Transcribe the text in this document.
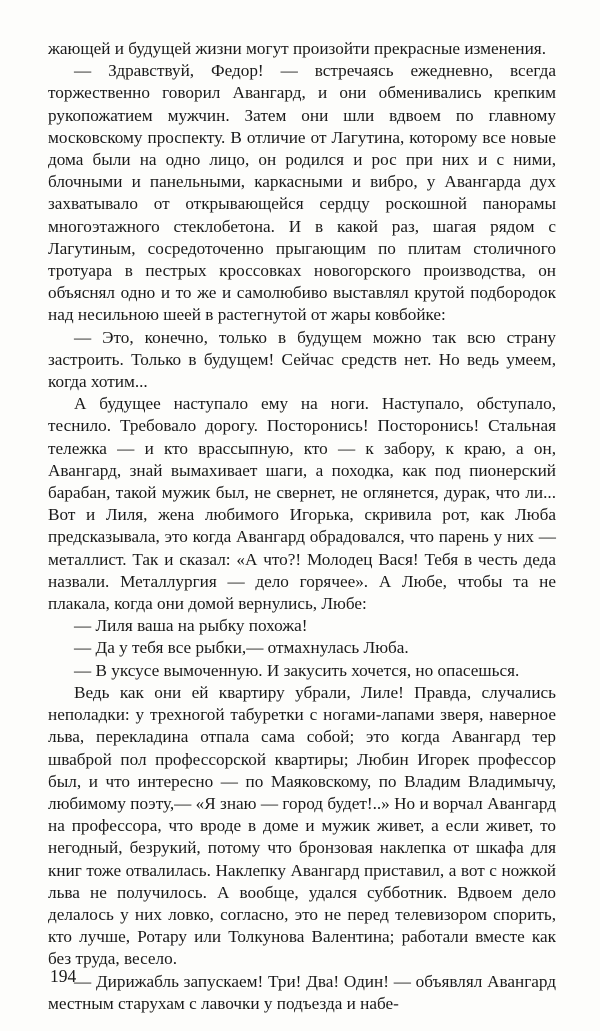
жающей и будущей жизни могут произойти прекрасные изменения.

— Здравствуй, Федор! — встречаясь ежедневно, всегда торжественно говорил Авангард, и они обменивались крепким рукопожатием мужчин. Затем они шли вдвоем по главному московскому проспекту. В отличие от Лагутина, которому все новые дома были на одно лицо, он родился и рос при них и с ними, блочными и панельными, каркасными и вибро, у Авангарда дух захватывало от открывающейся сердцу роскошной панорамы многоэтажного стеклобетона. И в какой раз, шагая рядом с Лагутиным, сосредоточенно прыгающим по плитам столичного тротуара в пестрых кроссовках новогорского производства, он объяснял одно и то же и самолюбиво выставлял крутой подбородок над несильною шеей в растегнутой от жары ковбойке:

— Это, конечно, только в будущем можно так всю страну застроить. Только в будущем! Сейчас средств нет. Но ведь умеем, когда хотим...

А будущее наступало ему на ноги. Наступало, обступало, теснило. Требовало дорогу. Посторонись! Посторонись! Стальная тележка — и кто врассыпную, кто — к забору, к краю, а он, Авангард, знай вымахивает шаги, а походка, как под пионерский барабан, такой мужик был, не свернет, не оглянется, дурак, что ли... Вот и Лиля, жена любимого Игорька, скривила рот, как Люба предсказывала, это когда Авангард обрадовался, что парень у них — металлист. Так и сказал: «А что?! Молодец Вася! Тебя в честь деда назвали. Металлургия — дело горячее». А Любе, чтобы та не плакала, когда они домой вернулись, Любе:

— Лиля ваша на рыбку похожа!

— Да у тебя все рыбки,— отмахнулась Люба.

— В уксусе вымоченную. И закусить хочется, но опасешься.

Ведь как они ей квартиру убрали, Лиле! Правда, случались неполадки: у трехногой табуретки с ногами-лапами зверя, наверное льва, перекладина отпала сама собой; это когда Авангард тер шваброй пол профессорской квартиры; Любин Игорек профессор был, и что интересно — по Маяковскому, по Владим Владимычу, любимому поэту,— «Я знаю — город будет!..» Но и ворчал Авангард на профессора, что вроде в доме и мужик живет, а если живет, то негодный, безрукий, потому что бронзовая наклепка от шкафа для книг тоже отвалилась. Наклепку Авангард приставил, а вот с ножкой льва не получилось. А вообще, удался субботник. Вдвоем дело делалось у них ловко, согласно, это не перед телевизором спорить, кто лучше, Ротару или Толкунова Валентина; работали вместе как без труда, весело.

— Дирижабль запускаем! Три! Два! Один! — объявлял Авангард местным старухам с лавочки у подъезда и набе-

194
